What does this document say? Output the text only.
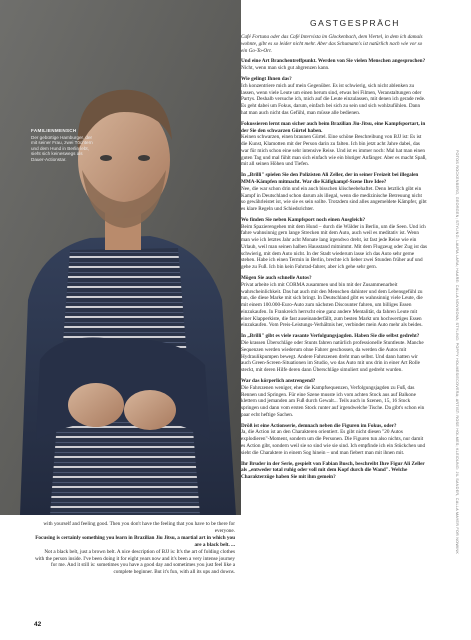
GASTGESPRÄCH
FAMILIENMENSCH
Der gebürtige Hamburger, der mit seiner Frau, zwei Töchtern und dem Hund in Berlin lebt, sieht sich keineswegs als Dauer-Actionstar.

with yourself and feeling good. Then you don't have the feeling that you have to be there for everyone.

Focusing is certainly something you learn in Brazilian Jiu Jitsu, a martial art in which you are a black belt. ...

Not a black belt, just a brown belt. A nice description of BJJ is: It's the art of folding clothes with the person inside. I've been doing it for eight years now and it's been a very intense journey for me. And it still is: sometimes you have a good day and sometimes you just feel like a complete beginner. But it's fun, with all its ups and downs.

Café Fortuna oder das Café Intervista im Glockenbach, dem Viertel, in dem ich damals wohnte, gibt es so leider nicht mehr. Aber das Schumann's ist natürlich nach wie vor so ein Go-To-Ort.

Und eine Art Branchentreffpunkt. Werden von Sie vielen Menschen angesprochen?
Nicht, wenn man sich gut abgrenzen kann.

Wie gelingt Ihnen das?
Ich konzentriere mich auf mein Gegenüber. Es ist schwierig, sich nicht ablenken zu lassen, wenn viele Leute um einen herum sind, etwas bei Filmen, Veranstaltungen oder Partys. Deshalb versuche ich, mich auf die Leute einzulassen, mit denen ich gerade rede. Es geht dabei um Fokus, darum, einfach bei sich zu sein und sich wohlzufühlen. Dann hat man auch nicht das Gefühl, man müsse alle bedienen.

Fokussieren lernt man sicher auch beim Brazilian Jiu-Jitsu, eine Kampfsportart, in der Sie den schwarzen Gürtel haben.
Keinen schwarzen, einen braunen Gürtel. Eine schöne Beschreibung von BJJ ist: Es ist die Kunst, Klamotten mit der Person darin zu falten. Ich bin jetzt acht Jahre dabei, das war für mich schon eine sehr intensive Reise. Und ist es immer noch: Mal hat man einen guten Tag und mal fühlt man sich einfach wie ein blutiger Anfänger. Aber es macht Spaß, mit all seinen Höhen und Tiefen.

In „Brilli" spielen Sie den Polizisten Ali Zeller, der in seiner Freizeit bei illegalen MMA-Kämpfen mitmacht. War die Käfigkampf-Szene Ihre Idee?
Nee, die war schon drin und ein auch bisschen klischeebehaftet. Denn letztlich gibt ein Kampf in Deutschland schon darum als illegal, wenn die medizinische Betreuung nicht so gewährleistet ist, wie sie es sein sollte. Trotzdem sind alles angemeldete Kämpfer, gibt es klare Regeln und Schiedsrichter.

Wo finden Sie neben Kampfsport noch einen Ausgleich?
Beim Spazierengehen mit dem Hund – durch die Wälder in Berlin, um die Seen. Und ich fahre wahnsinnig gern lange Strecken mit dem Auto, auch weil es meditativ ist. Wenn man wie ich letztes Jahr acht Monate lang irgendwo dreht, ist fast jede Reise wie ein Urlaub, weil man seinen halben Hausstand mitnimmt. Mit dem Flugzeug oder Zug ist das schwierig, mit dem Auto nicht. In der Stadt wiederum lasse ich das Auto sehr gerne stehen. Habe ich einen Termin in Berlin, brechte ich lieber zwei Stunden früher auf und gehe zu Fuß. Ich bin kein Fahrrad-fahrer, aber ich gehe sehr gern.

Mögen Sie auch schnelle Autos?
Privat arbeite ich mit CORMA zusammen und bin mit der Zusammenarbeit wahrscheinlichkeit. Das hat auch mit den Menschen dahinter und dem Lebensgefühl zu tun, die diese Marke mit sich bringt. In Deutschland gibt es wahnsinnig viele Leute, die mit einem 100.000-Euro-Auto zum nächsten Discounter fahren, um billiges Essen einzukaufen. In Frankreich herrscht eine ganz andere Mentalität, da fahren Leute mit einer Klapperkiste, die fast auseinanderfällt, zum besten Markt um hochwertiges Essen einzukaufen. Vom Preis-Leistungs-Verhältnis her, verbindet mein Auto mehr als beides.

In „Brilli" gibt es viele rasante Verfolgungsjagden. Haben Sie die selbst gedreht?
Die krassen Überschläge oder Stunts fahren natürlich professionelle Stuntleute. Manche Sequenzen werden wiederum ohne Fahrer geschossen, da werden die Autos mit Hydraulikpumpen bewegt. Andere Fahrszenen dreht man selbst. Und dann hatten wir auch Green-Screen-Situationen im Studio, wo das Auto mit uns drin in einer Art Rolle steckt, mit deren Hilfe deren dann Überschläge simuliert und gedreht wurden.

War das körperlich anstrengend?
Die Fahrszenen weniger, eher die Kampfsequenzen, Verfolgungsjagden zu Fuß, das Rennen und Springen. Für eine Szene musste ich vom achten Stock aus auf Balkone klettern und jemanden am Fuß durch Gewalt... Teils auch in Szenen, 15, 16 Stock springen und dann vom ersten Stock runter auf irgendwelche Tische. Da gibt's schon ein paar echt heftige Sachen.

Dröß ist eine Actionserie, demnach neben die Figuren im Fokus, oder?
Ja, die Action ist an den Charakteren orientiert. Es gibt nicht diesen "20 Autos explodieren"-Moment, sondern um die Personen. Die Figuren tun also nichts, nur damit es Action gibt, sondern weil sie so sind wie sie sind. Ich empfinde ich ein Stückchen und sieht die Charaktere in einem Sog hinein – und man fiebert man mit ihnen mit.

Ihr Bruder in der Serie, gespielt von Fabian Busch, beschreibt Ihre Figur Ali Zeller als „entweder total ruhig oder voll mit dem Kopf durch die Wand". Welche Charakterzüge haben Sie mit ihm gemein?

42
FOTOS ROCKENBERG, GEORGEN; STYLING: LAURA LARA; HAARE: CALLA NOVIKOVA; STYLING: POPPY HOLMES/ECOVERA; ARTIST: ROSE HOLMES; KLEIDUNG: JIL SANDER, CALLA MAYER FOR NOWINK
